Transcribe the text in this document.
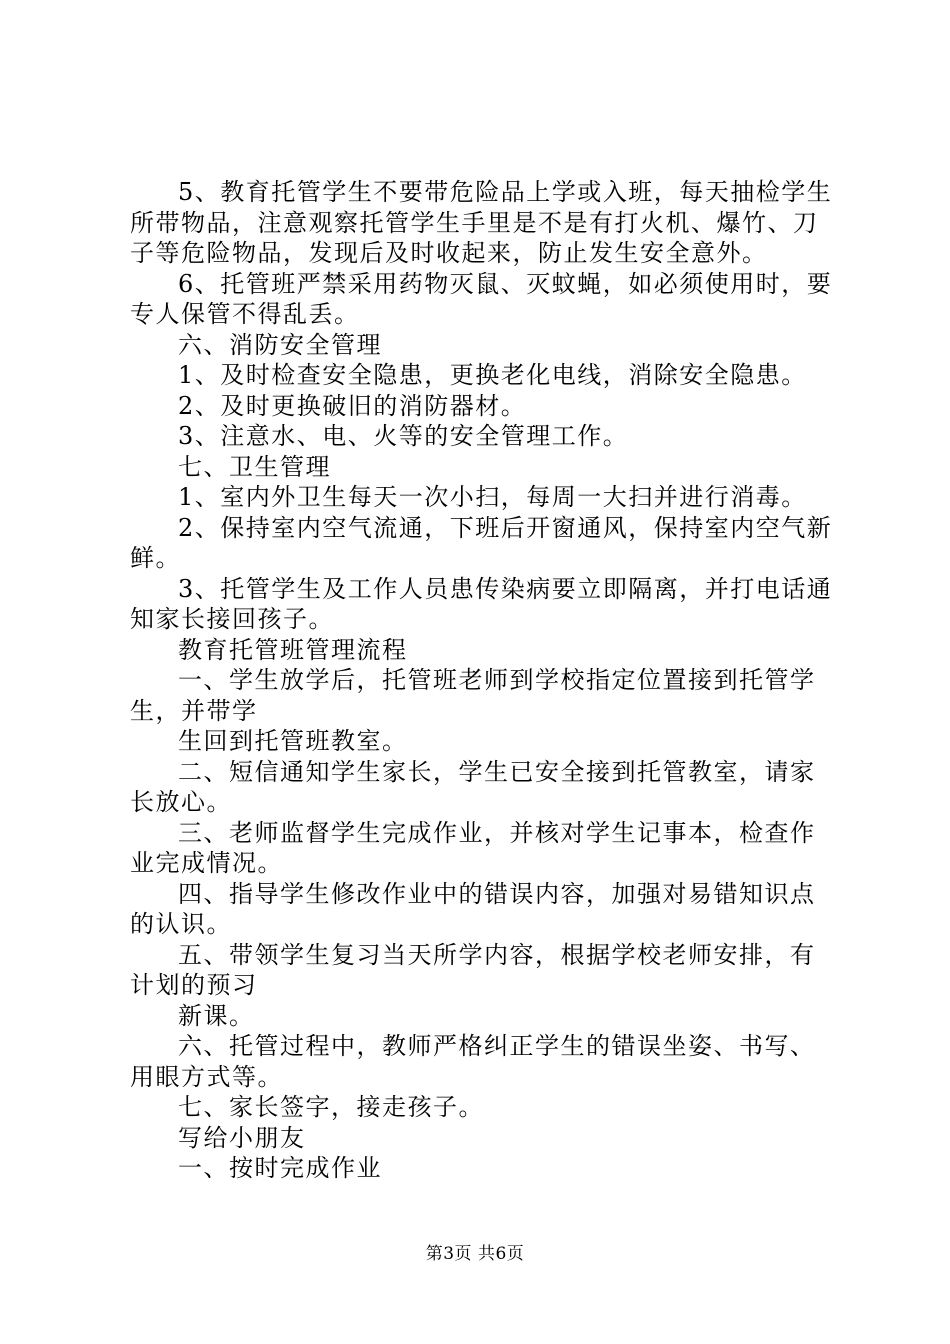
5、教育托管学生不要带危险品上学或入班，每天抽检学生所带物品，注意观察托管学生手里是不是有打火机、爆竹、刀子等危险物品，发现后及时收起来，防止发生安全意外。

6、托管班严禁采用药物灭鼠、灭蚊蝇，如必须使用时，要专人保管不得乱丢。

六、消防安全管理

1、及时检查安全隐患，更换老化电线，消除安全隐患。

2、及时更换破旧的消防器材。

3、注意水、电、火等的安全管理工作。

七、卫生管理

1、室内外卫生每天一次小扫，每周一大扫并进行消毒。

2、保持室内空气流通，下班后开窗通风，保持室内空气新鲜。

3、托管学生及工作人员患传染病要立即隔离，并打电话通知家长接回孩子。

教育托管班管理流程

一、学生放学后，托管班老师到学校指定位置接到托管学生，并带学

生回到托管班教室。

二、短信通知学生家长，学生已安全接到托管教室，请家长放心。

三、老师监督学生完成作业，并核对学生记事本，检查作业完成情况。

四、指导学生修改作业中的错误内容，加强对易错知识点的认识。

五、带领学生复习当天所学内容，根据学校老师安排，有计划的预习

新课。

六、托管过程中，教师严格纠正学生的错误坐姿、书写、用眼方式等。

七、家长签字，接走孩子。

写给小朋友

一、按时完成作业

第3页 共6页
